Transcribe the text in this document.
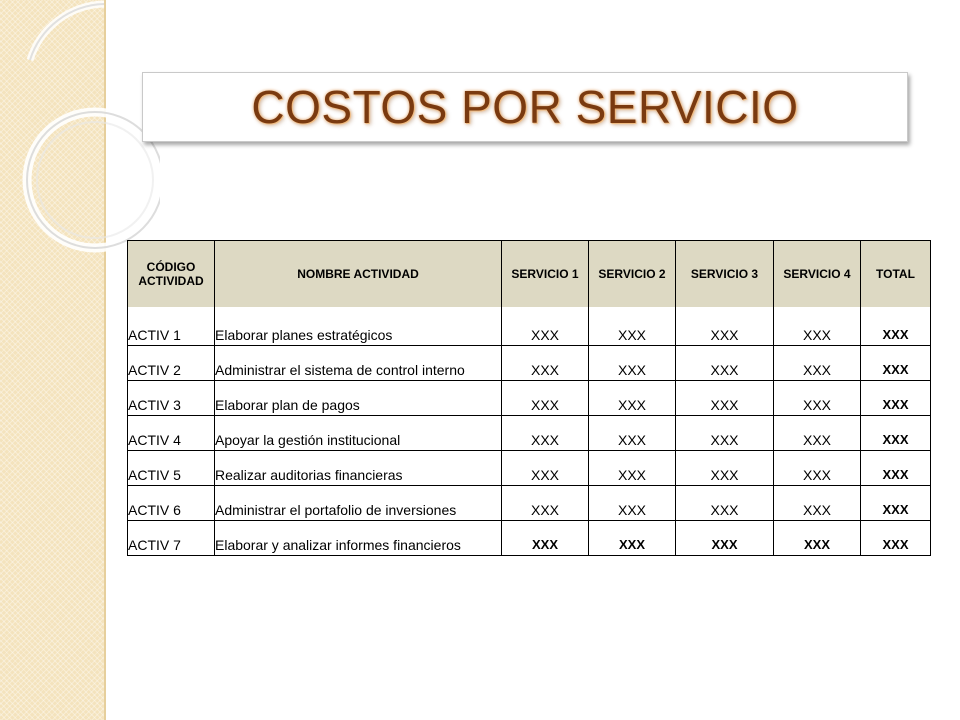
COSTOS POR SERVICIO
CÓDIGO ACTIVIDAD	NOMBRE ACTIVIDAD	SERVICIO 1	SERVICIO 2	SERVICIO 3	SERVICIO 4	TOTAL
ACTIV 1	Elaborar planes estratégicos	XXX	XXX	XXX	XXX	XXX
ACTIV 2	Administrar el sistema de control interno	XXX	XXX	XXX	XXX	XXX
ACTIV 3	Elaborar plan de pagos	XXX	XXX	XXX	XXX	XXX
ACTIV 4	Apoyar la gestión institucional	XXX	XXX	XXX	XXX	XXX
ACTIV 5	Realizar auditorias financieras	XXX	XXX	XXX	XXX	XXX
ACTIV 6	Administrar el portafolio de inversiones	XXX	XXX	XXX	XXX	XXX
ACTIV 7	Elaborar y analizar informes financieros	XXX	XXX	XXX	XXX	XXX
